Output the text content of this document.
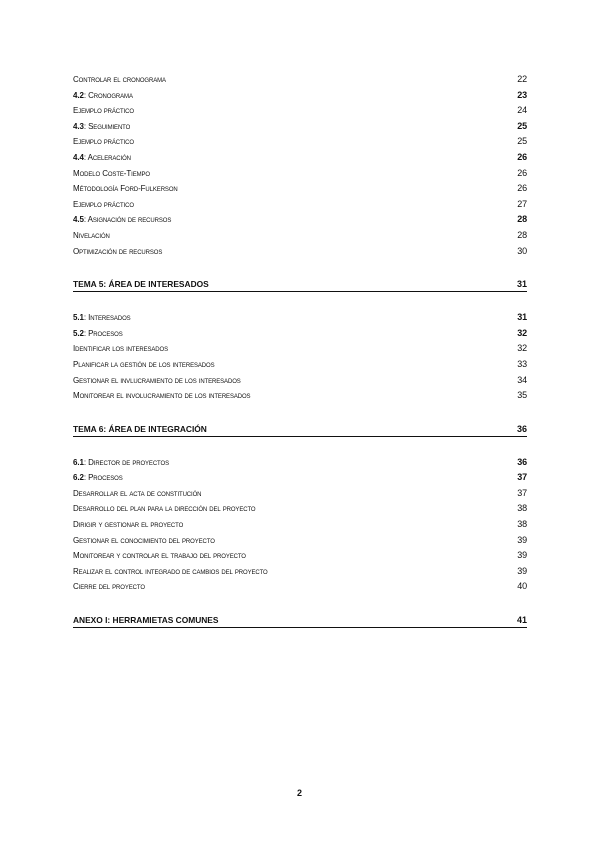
Controlar el cronograma	22
4.2: Cronograma	23
Ejemplo práctico	24
4.3: Seguimiento	25
Ejemplo práctico	25
4.4: Aceleración	26
Modelo Coste-Tiempo	26
Métodología Ford-Fulkerson	26
Ejemplo práctico	27
4.5: Asignación de recursos	28
Nivelación	28
Optimización de recursos	30
TEMA 5: ÁREA DE INTERESADOS	31
5.1: Interesados	31
5.2: Procesos	32
Identificar los interesados	32
Planificar la gestión de los interesados	33
Gestionar el invlucramiento de los interesados	34
Monitorear el involucramiento de los interesados	35
TEMA 6: ÁREA DE INTEGRACIÓN	36
6.1: Director de proyectos	36
6.2: Procesos	37
Desarrollar el acta de constitución	37
Desarrollo del plan para la dirección del proyecto	38
Dirigir y gestionar el proyecto	38
Gestionar el conocimiento del proyecto	39
Monitorear y controlar el trabajo del proyecto	39
Realizar el control integrado de cambios del proyecto	39
Cierre del proyecto	40
ANEXO I: HERRAMIETAS COMUNES	41
2
